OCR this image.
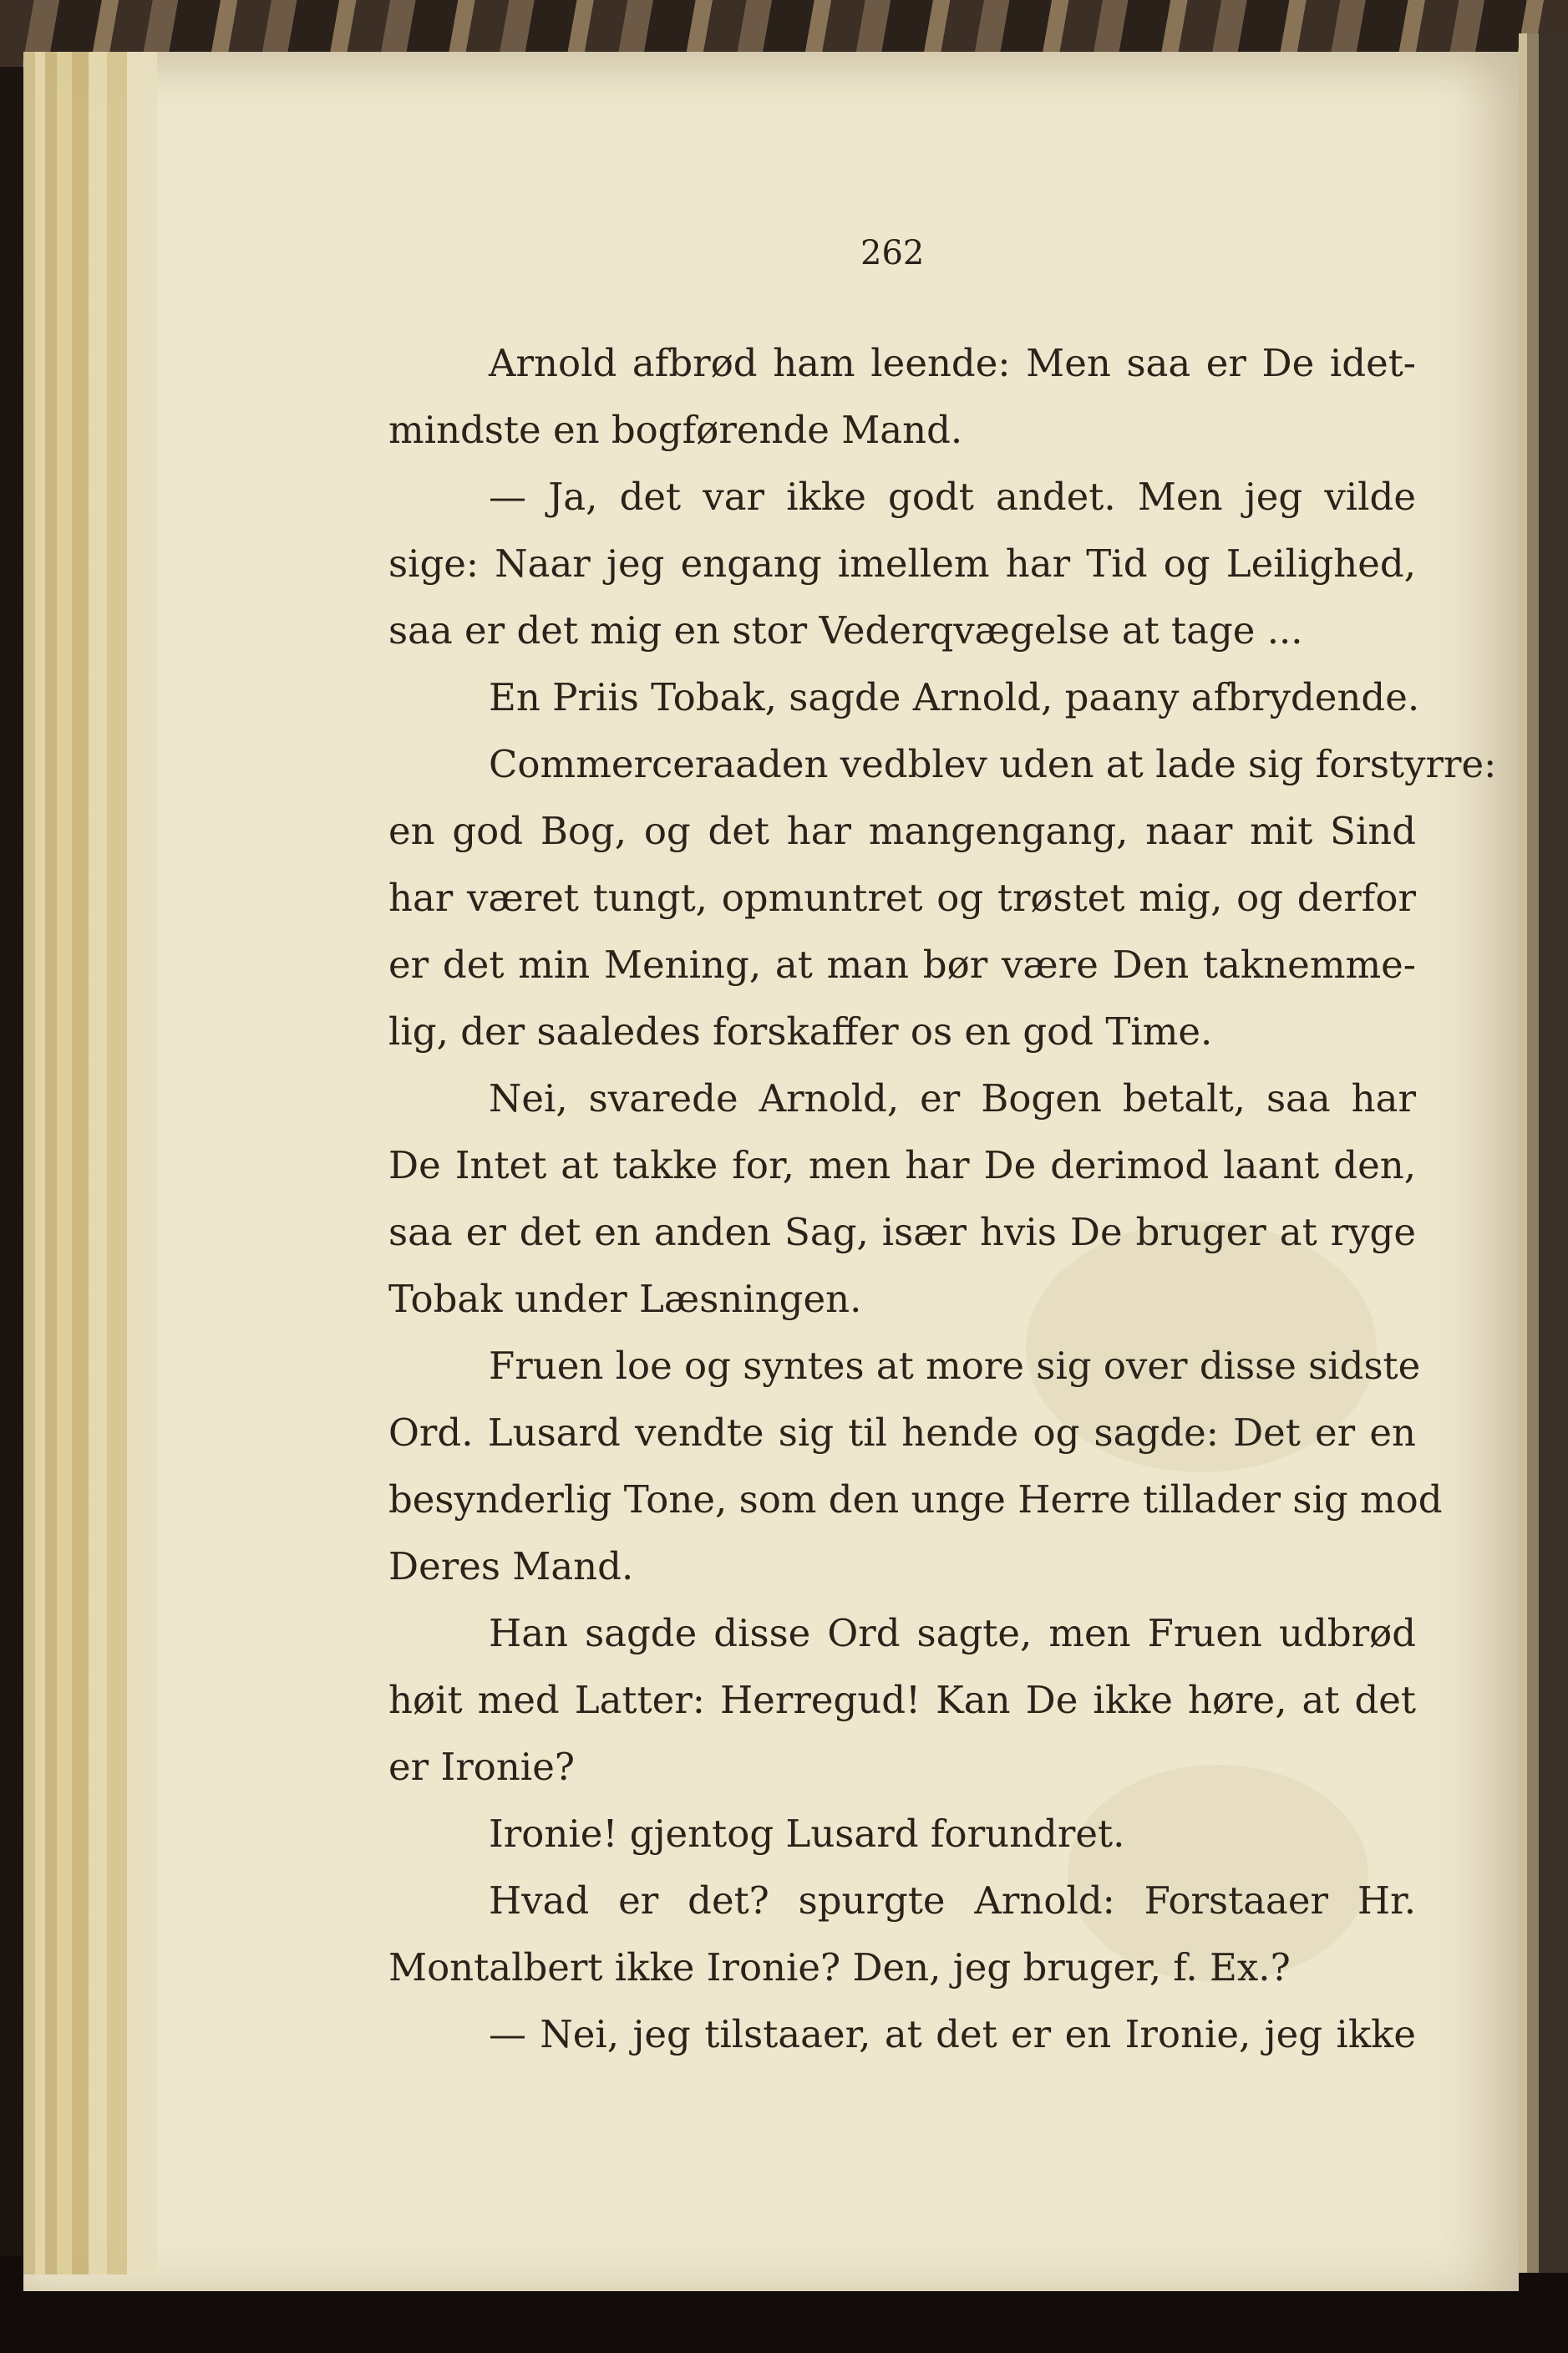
262
Arnold afbrød ham leende: Men saa er De idet-
mindste en bogførende Mand.
— Ja, det var ikke godt andet. Men jeg vilde
sige: Naar jeg engang imellem har Tid og Leilighed,
saa er det mig en stor Vederqvægelse at tage ...
En Priis Tobak, sagde Arnold, paany afbrydende.
Commerceraaden vedblev uden at lade sig forstyrre:
en god Bog, og det har mangengang, naar mit Sind
har været tungt, opmuntret og trøstet mig, og derfor
er det min Mening, at man bør være Den taknemme-
lig, der saaledes forskaffer os en god Time.
Nei, svarede Arnold, er Bogen betalt, saa har
De Intet at takke for, men har De derimod laant den,
saa er det en anden Sag, især hvis De bruger at ryge
Tobak under Læsningen.
Fruen loe og syntes at more sig over disse sidste
Ord. Lusard vendte sig til hende og sagde: Det er en
besynderlig Tone, som den unge Herre tillader sig mod
Deres Mand.
Han sagde disse Ord sagte, men Fruen udbrød
høit med Latter: Herregud! Kan De ikke høre, at det
er Ironie?
Ironie! gjentog Lusard forundret.
Hvad er det? spurgte Arnold: Forstaaer Hr.
Montalbert ikke Ironie? Den, jeg bruger, f. Ex.?
— Nei, jeg tilstaaer, at det er en Ironie, jeg ikke
